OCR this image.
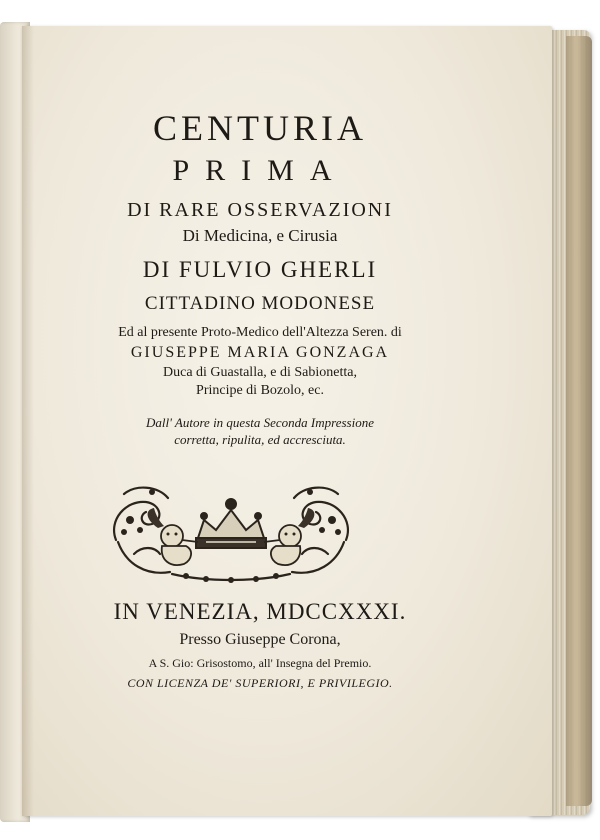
CENTURIA
PRIMA
DI RARE OSSERVAZIONI
Di Medicina, e Cirusia
DI FULVIO GHERLI
CITTADINO MODONESE
Ed al presente Proto-Medico dell'Altezza Seren. di
GIUSEPPE MARIA GONZAGA
Duca di Guastalla, e di Sabionetta,
Principe di Bozolo, ec.
Dall' Autore in questa Seconda Impressione
corretta, ripulita, ed accresciuta.
IN VENEZIA, MDCCXXXI.
Presso Giuseppe Corona,
A S. Gio: Grisostomo, all' Insegna del Premio.
CON LICENZA DE' SUPERIORI, E PRIVILEGIO.
